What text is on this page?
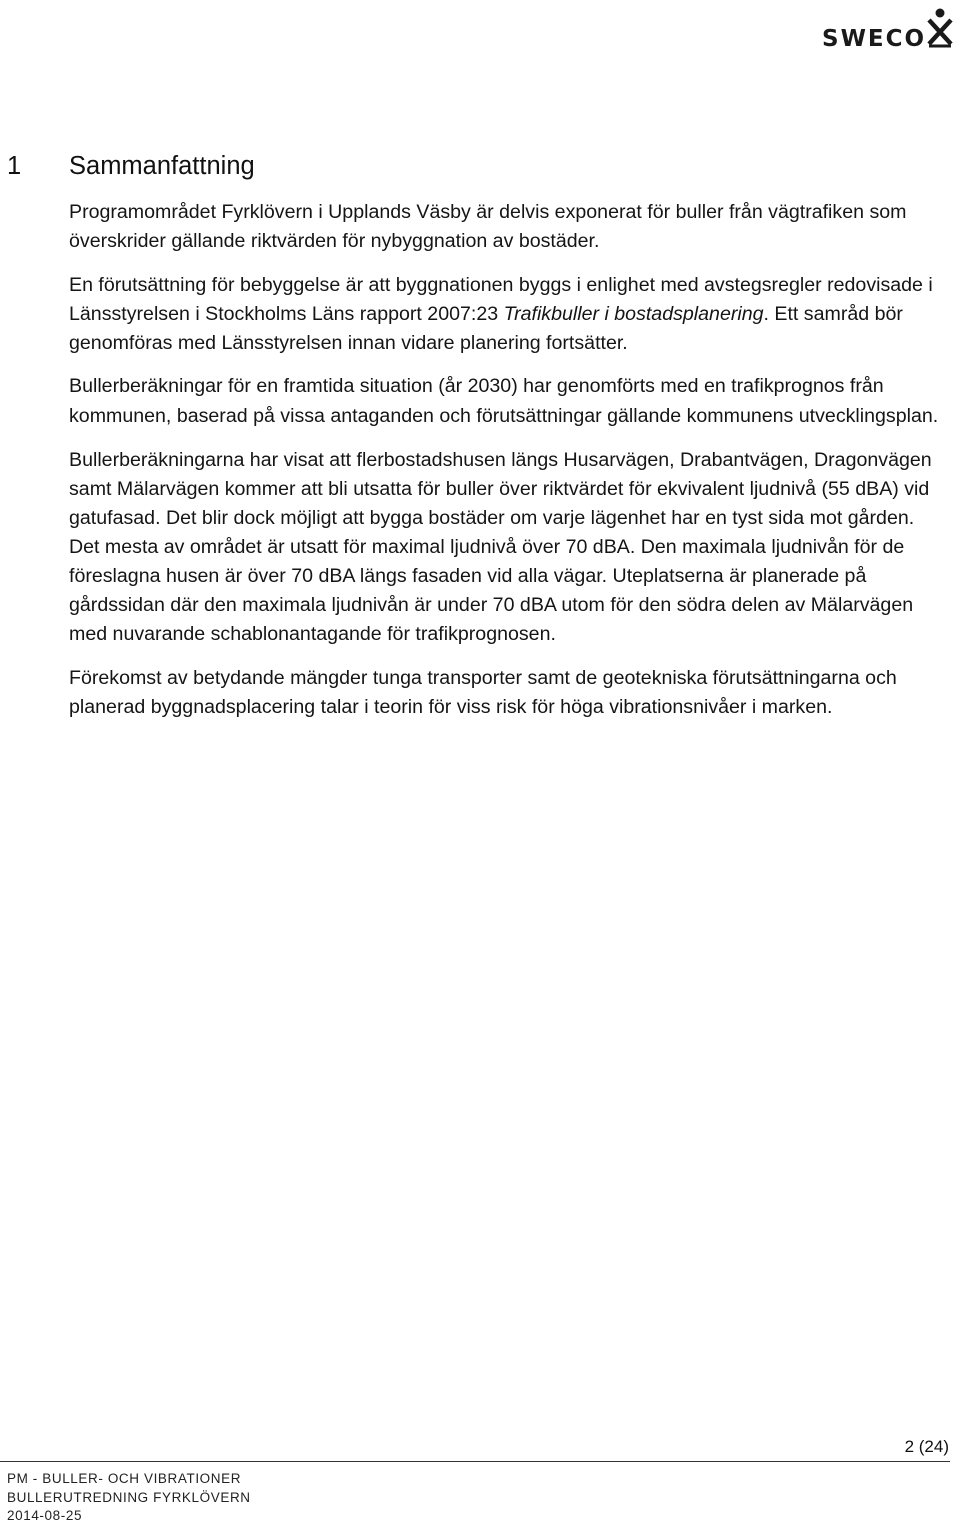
SWECO
1 Sammanfattning

Programområdet Fyrklövern i Upplands Väsby är delvis exponerat för buller från vägtrafiken som överskrider gällande riktvärden för nybyggnation av bostäder.

En förutsättning för bebyggelse är att byggnationen byggs i enlighet med avstegsregler redovisade i Länsstyrelsen i Stockholms Läns rapport 2007:23 Trafikbuller i bostadsplanering. Ett samråd bör genomföras med Länsstyrelsen innan vidare planering fortsätter.

Bullerberäkningar för en framtida situation (år 2030) har genomförts med en trafikprognos från kommunen, baserad på vissa antaganden och förutsättningar gällande kommunens utvecklingsplan.

Bullerberäkningarna har visat att flerbostadshusen längs Husarvägen, Drabantvägen, Dragonvägen samt Mälarvägen kommer att bli utsatta för buller över riktvärdet för ekvivalent ljudnivå (55 dBA) vid gatufasad. Det blir dock möjligt att bygga bostäder om varje lägenhet har en tyst sida mot gården. Det mesta av området är utsatt för maximal ljudnivå över 70 dBA. Den maximala ljudnivån för de föreslagna husen är över 70 dBA längs fasaden vid alla vägar. Uteplatserna är planerade på gårdssidan där den maximala ljudnivån är under 70 dBA utom för den södra delen av Mälarvägen med nuvarande schablonantagande för trafikprognosen.

Förekomst av betydande mängder tunga transporter samt de geotekniska förutsättningarna och planerad byggnadsplacering talar i teorin för viss risk för höga vibrationsnivåer i marken.

2 (24)
PM - BULLER- OCH VIBRATIONER
BULLERUTREDNING FYRKLÖVERN
2014-08-25
